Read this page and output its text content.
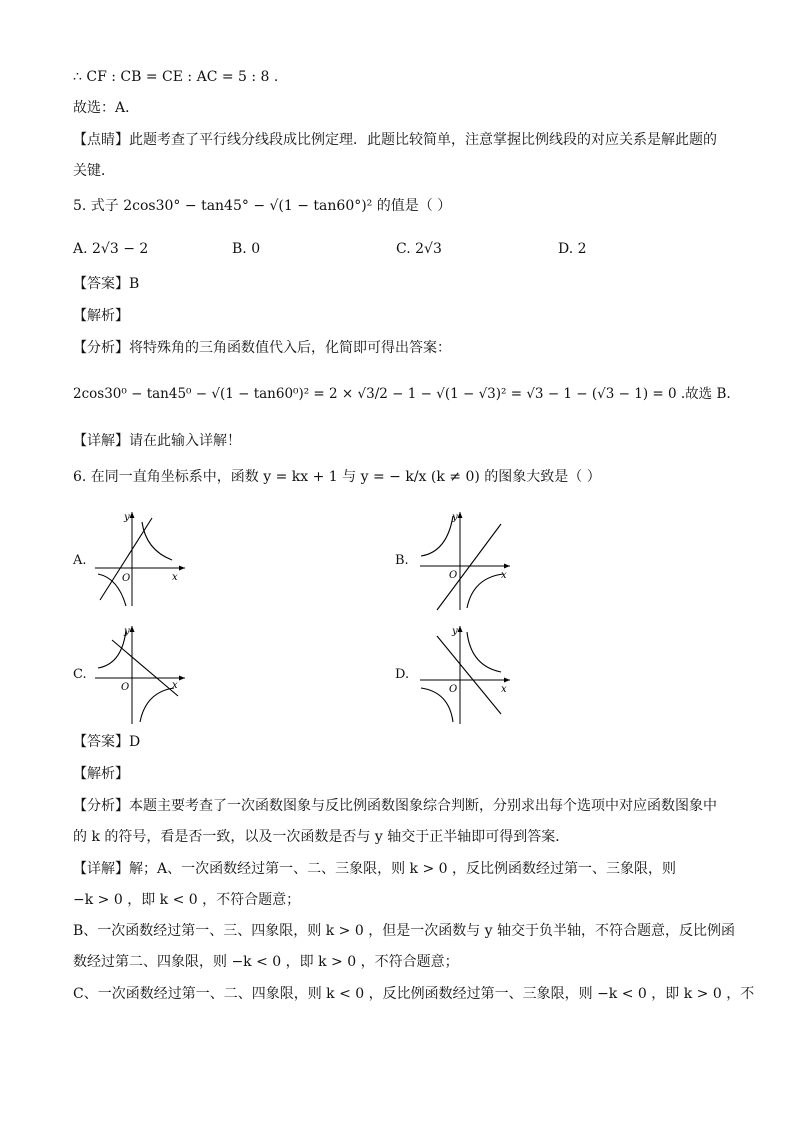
∴ CF : CB = CE : AC = 5 : 8 .
故选：A．
【点睛】此题考查了平行线分线段成比例定理．此题比较简单，注意掌握比例线段的对应关系是解此题的
关键．
5. 式子 2cos30° − tan45° − √(1 − tan60°)² 的值是（ ）
A. 2√3 − 2	B. 0	C. 2√3	D. 2
【答案】B
【解析】
【分析】将特殊角的三角函数值代入后，化简即可得出答案：
2cos30⁰ − tan45⁰ − √(1 − tan60⁰)² = 2 × √3/2 − 1 − √(1 − √3)² = √3 − 1 − (√3 − 1) = 0 .故选 B.
【详解】请在此输入详解！
6. 在同一直角坐标系中，函数 y = kx + 1 与 y = − k/x (k ≠ 0) 的图象大致是（ ）
A.
x
y
O
B.
x
y
O
C.
x
y
O
D.
x
y
O
【答案】D
【解析】
【分析】本题主要考查了一次函数图象与反比例函数图象综合判断，分别求出每个选项中对应函数图象中
的 k 的符号，看是否一致，以及一次函数是否与 y 轴交于正半轴即可得到答案．
【详解】解；A、一次函数经过第一、二、三象限，则 k > 0 ，反比例函数经过第一、三象限，则
−k > 0 ，即 k < 0 ，不符合题意；
B、一次函数经过第一、三、四象限，则 k > 0 ，但是一次函数与 y 轴交于负半轴，不符合题意，反比例函
数经过第二、四象限，则 −k < 0 ，即 k > 0 ，不符合题意；
C、一次函数经过第一、二、四象限，则 k < 0 ，反比例函数经过第一、三象限，则 −k < 0 ，即 k > 0 ，不
